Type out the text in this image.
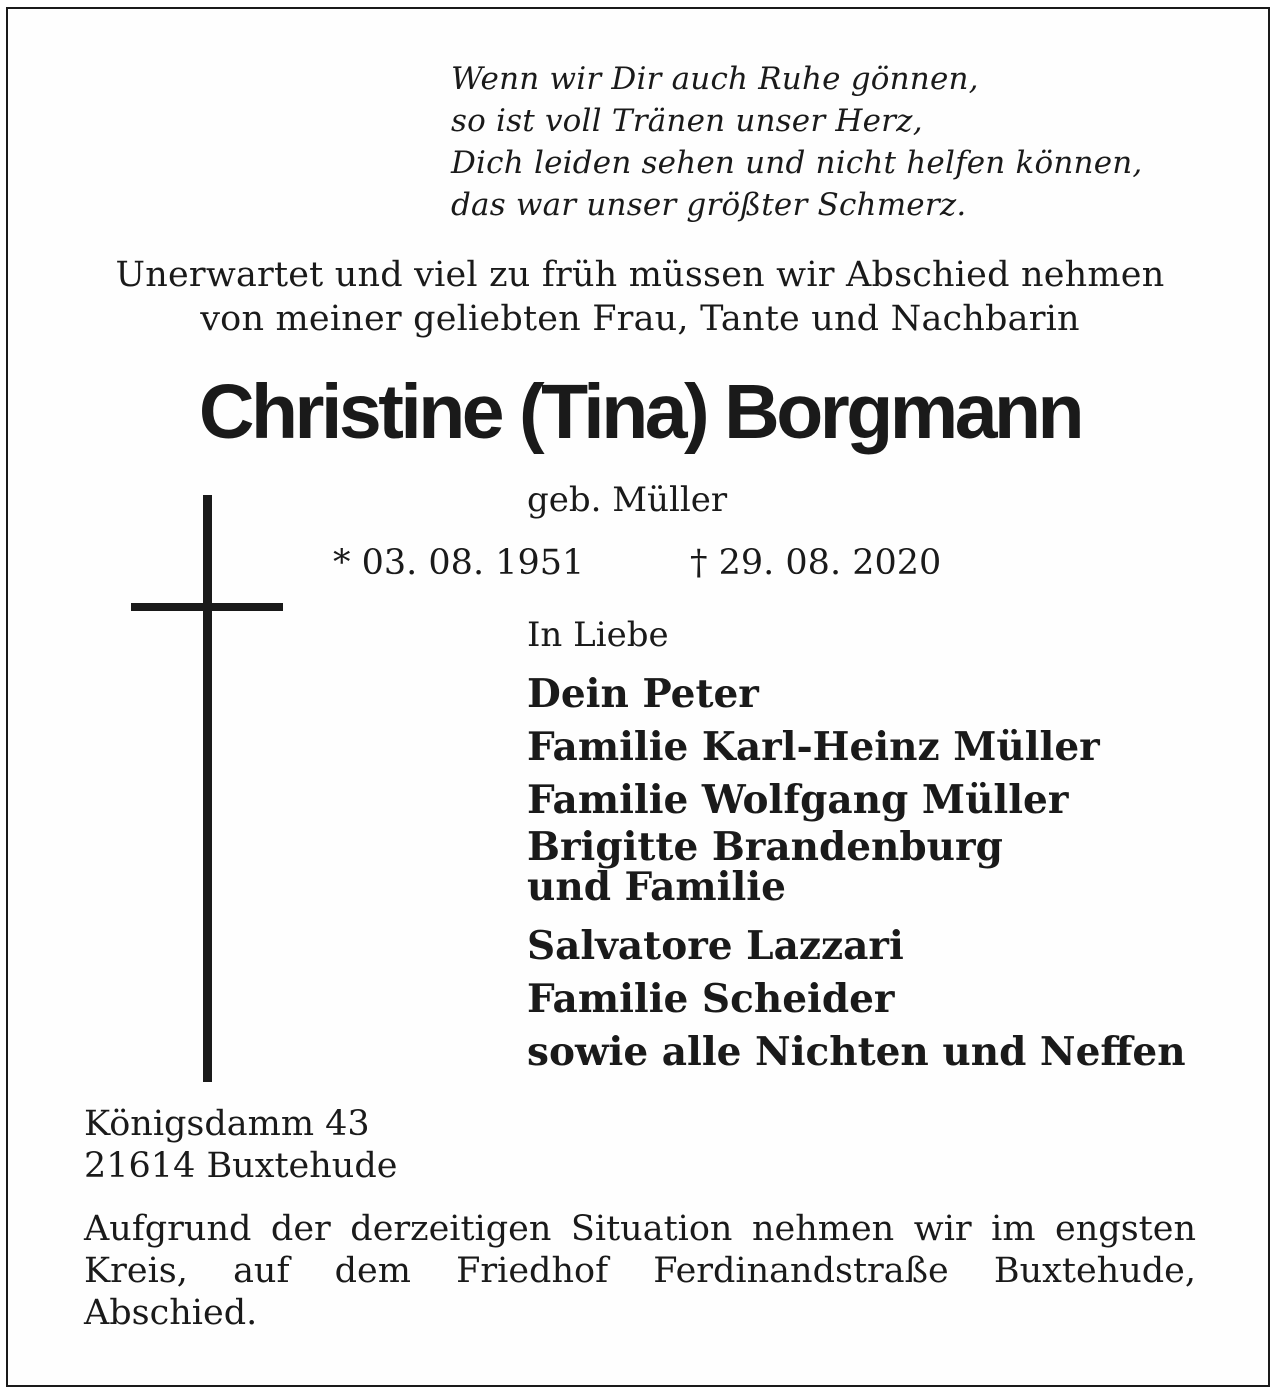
Wenn wir Dir auch Ruhe gönnen,
so ist voll Tränen unser Herz,
Dich leiden sehen und nicht helfen können,
das war unser größter Schmerz.
Unerwartet und viel zu früh müssen wir Abschied nehmen
von meiner geliebten Frau, Tante und Nachbarin
Christine (Tina) Borgmann
geb. Müller
* 03. 08. 1951	† 29. 08. 2020
In Liebe
Dein Peter
Familie Karl-Heinz Müller
Familie Wolfgang Müller
Brigitte Brandenburg
und Familie
Salvatore Lazzari
Familie Scheider
sowie alle Nichten und Neffen
Königsdamm 43
21614 Buxtehude
Aufgrund der derzeitigen Situation nehmen wir im engsten Kreis, auf dem Friedhof Ferdinandstraße Buxtehude, Abschied.
